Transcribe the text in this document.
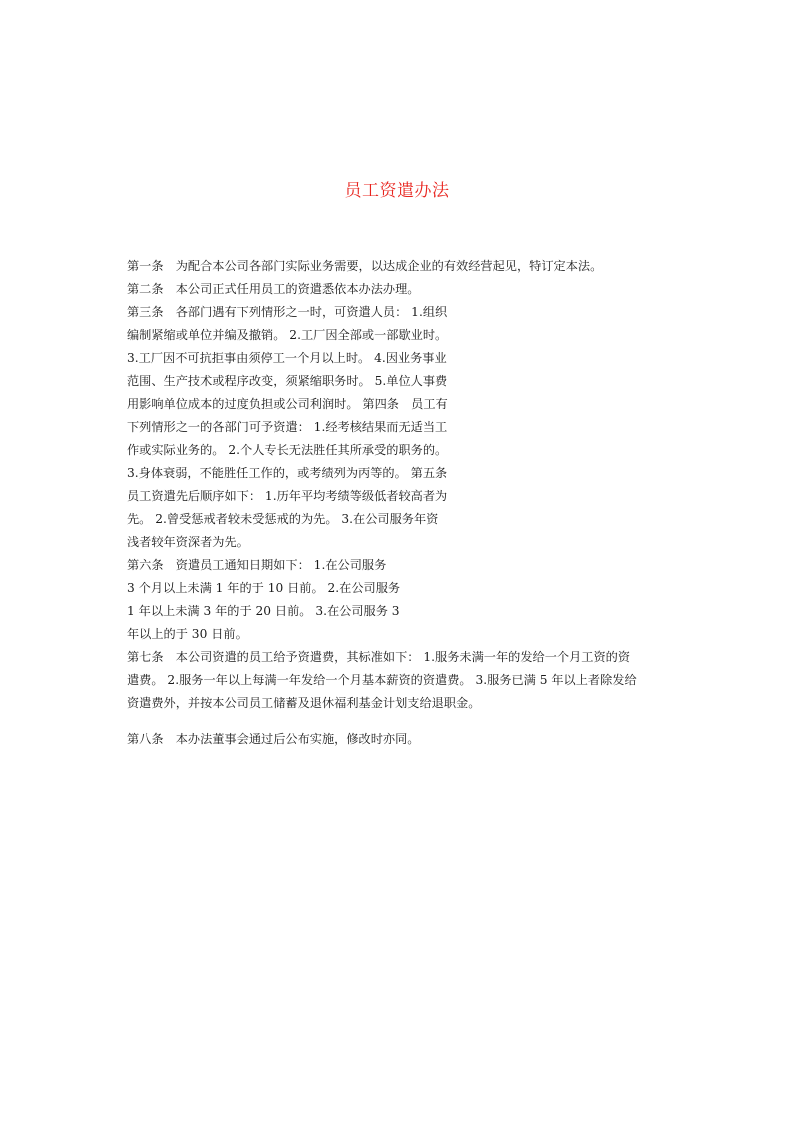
员工资遣办法
第一条　为配合本公司各部门实际业务需要，以达成企业的有效经营起见，特订定本法。
第二条　本公司正式任用员工的资遣悉依本办法办理。
第三条　各部门遇有下列情形之一时，可资遣人员： 1.组织
编制紧缩或单位并编及撤销。 2.工厂因全部或一部歇业时。
3.工厂因不可抗拒事由须停工一个月以上时。 4.因业务事业
范围、生产技术或程序改变，须紧缩职务时。 5.单位人事费
用影响单位成本的过度负担或公司利润时。 第四条　员工有
下列情形之一的各部门可予资遣： 1.经考核结果而无适当工
作或实际业务的。 2.个人专长无法胜任其所承受的职务的。
3.身体衰弱，不能胜任工作的，或考绩列为丙等的。 第五条
员工资遣先后顺序如下： 1.历年平均考绩等级低者较高者为
先。 2.曾受惩戒者较未受惩戒的为先。 3.在公司服务年资
浅者较年资深者为先。
第六条　资遣员工通知日期如下： 1.在公司服务
3 个月以上未满 1 年的于 10 日前。 2.在公司服务
1 年以上未满 3 年的于 20 日前。 3.在公司服务 3
年以上的于 30 日前。
第七条　本公司资遣的员工给予资遣费，其标准如下： 1.服务未满一年的发给一个月工资的资
遣费。 2.服务一年以上每满一年发给一个月基本薪资的资遣费。 3.服务已满 5 年以上者除发给
资遣费外，并按本公司员工储蓄及退休福利基金计划支给退职金。
第八条　本办法董事会通过后公布实施，修改时亦同。
